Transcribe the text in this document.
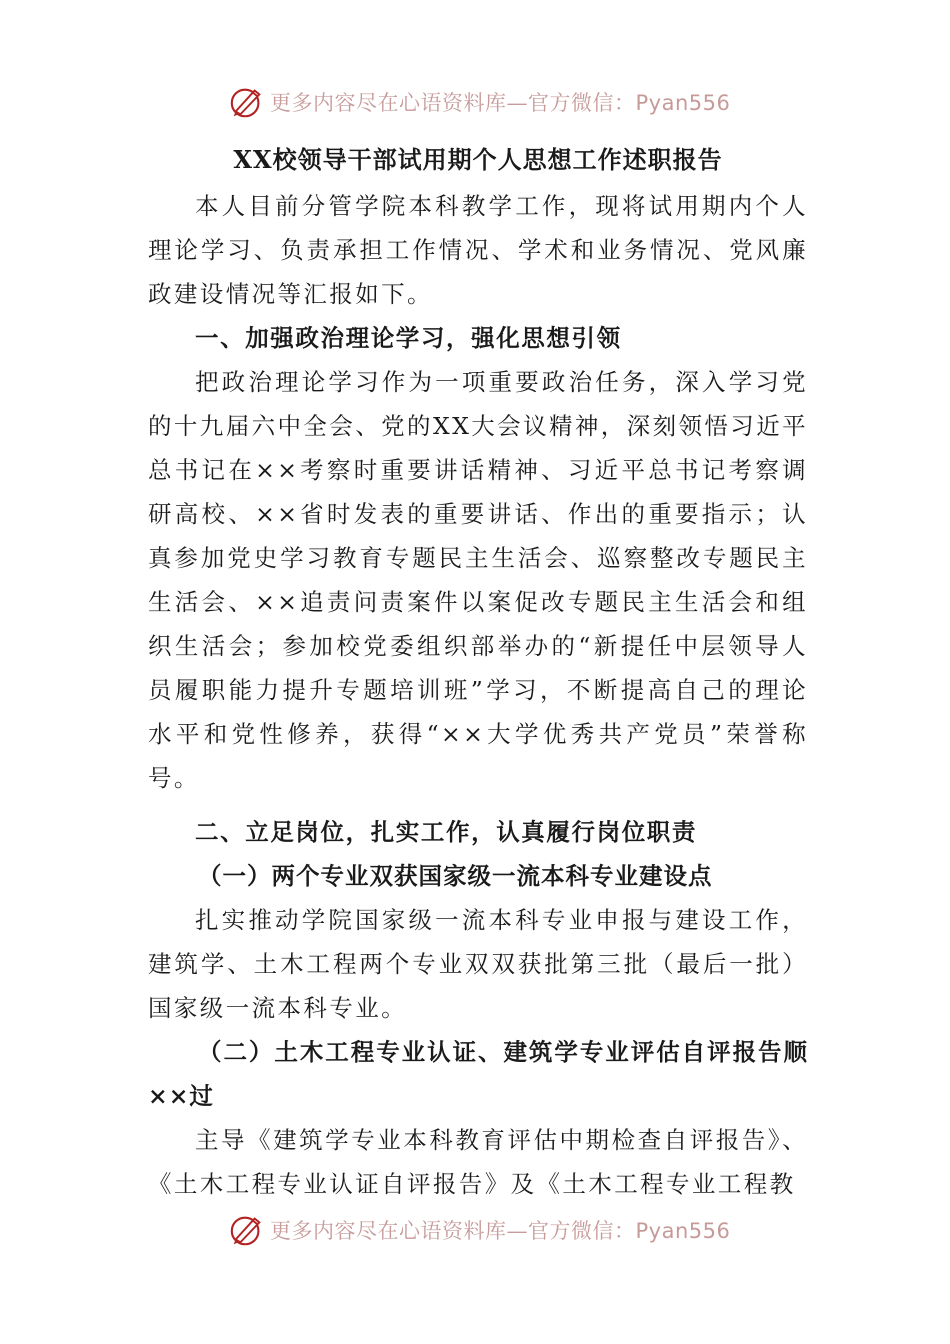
更多内容尽在心语资料库—官方微信：Pyan556
XX校领导干部试用期个人思想工作述职报告

本人目前分管学院本科教学工作，现将试用期内个人理论学习、负责承担工作情况、学术和业务情况、党风廉政建设情况等汇报如下。

一、加强政治理论学习，强化思想引领

把政治理论学习作为一项重要政治任务，深入学习党的十九届六中全会、党的XX大会议精神，深刻领悟习近平总书记在××考察时重要讲话精神、习近平总书记考察调研高校、××省时发表的重要讲话、作出的重要指示；认真参加党史学习教育专题民主生活会、巡察整改专题民主生活会、××追责问责案件以案促改专题民主生活会和组织生活会；参加校党委组织部举办的“新提任中层领导人员履职能力提升专题培训班”学习，不断提高自己的理论水平和党性修养，获得“××大学优秀共产党员”荣誉称号。

二、立足岗位，扎实工作，认真履行岗位职责

（一）两个专业双获国家级一流本科专业建设点

扎实推动学院国家级一流本科专业申报与建设工作，建筑学、土木工程两个专业双双获批第三批（最后一批）国家级一流本科专业。

（二）土木工程专业认证、建筑学专业评估自评报告顺××过

主导《建筑学专业本科教育评估中期检查自评报告》、《土木工程专业认证自评报告》及《土木工程专业工程教

更多内容尽在心语资料库—官方微信：Pyan556
